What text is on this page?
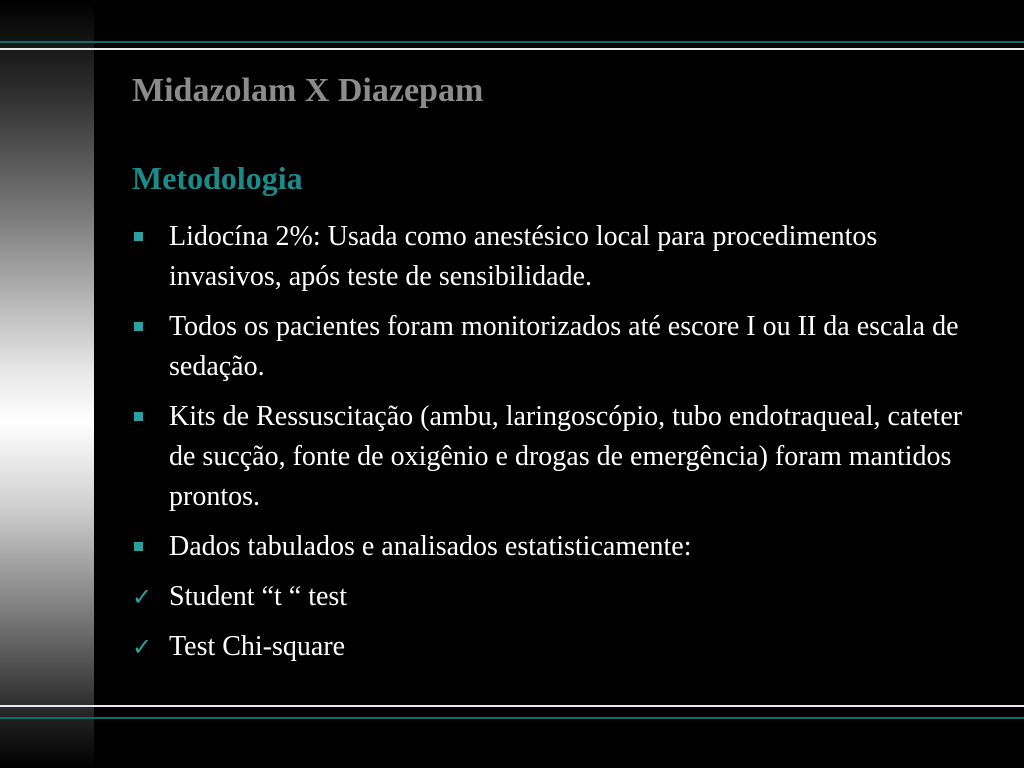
Midazolam X Diazepam
Metodologia
Lidocína 2%: Usada como anestésico local para procedimentos invasivos, após teste de sensibilidade.
Todos os pacientes foram monitorizados até escore I ou II da escala de sedação.
Kits de Ressuscitação (ambu, laringoscópio, tubo endotraqueal, cateter de sucção, fonte de oxigênio e drogas de emergência) foram mantidos prontos.
Dados tabulados e analisados estatisticamente:
✓ Student “t “ test
✓ Test Chi-square
